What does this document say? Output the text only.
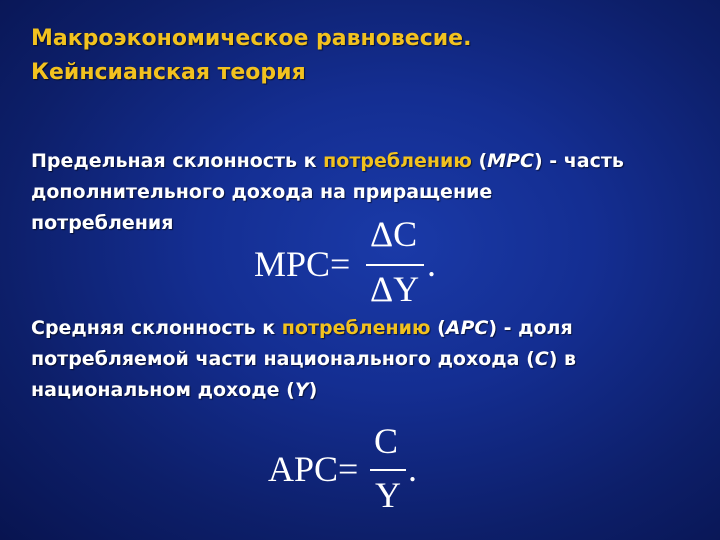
Макроэкономическое равновесие.
Кейнсианская теория
Предельная склонность к потреблению (MPC) - часть
дополнительного дохода на приращение
потребления
MPC=
ΔC
ΔY
.
Средняя склонность к потреблению (APC) - доля
потребляемой части национального дохода (C) в
национальном доходе (Y)
APC=
C
Y
.
